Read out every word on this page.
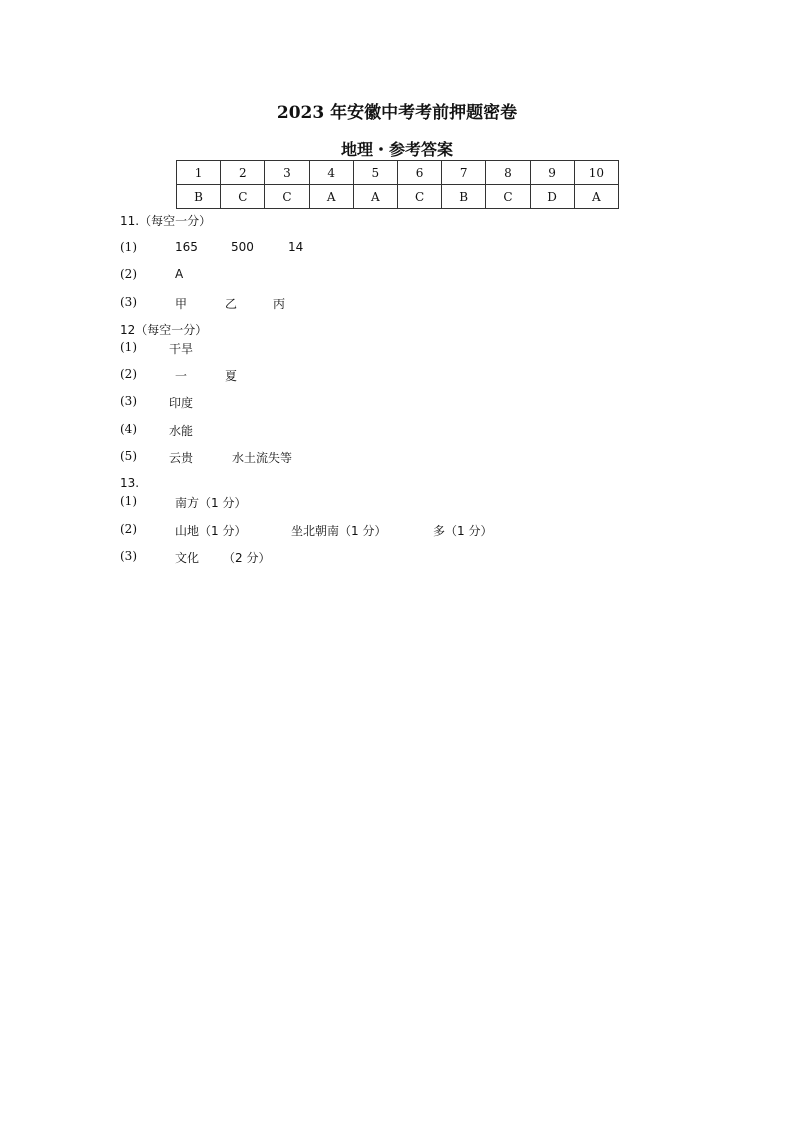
2023 年安徽中考考前押题密卷
地理・参考答案
1	2	3	4	5	6	7	8	9	10
B	C	C	A	A	C	B	C	D	A
11.（每空一分）
(1)	165	500	14
(2)	A
(3)	甲	乙	丙
12（每空一分）
(1)	干旱
(2)	一	夏
(3)	印度
(4)	水能
(5)	云贵	水土流失等
13.
(1)	南方（1 分）
(2)	山地（1 分）	坐北朝南（1 分）	多（1 分）
(3)	文化 （2 分）
